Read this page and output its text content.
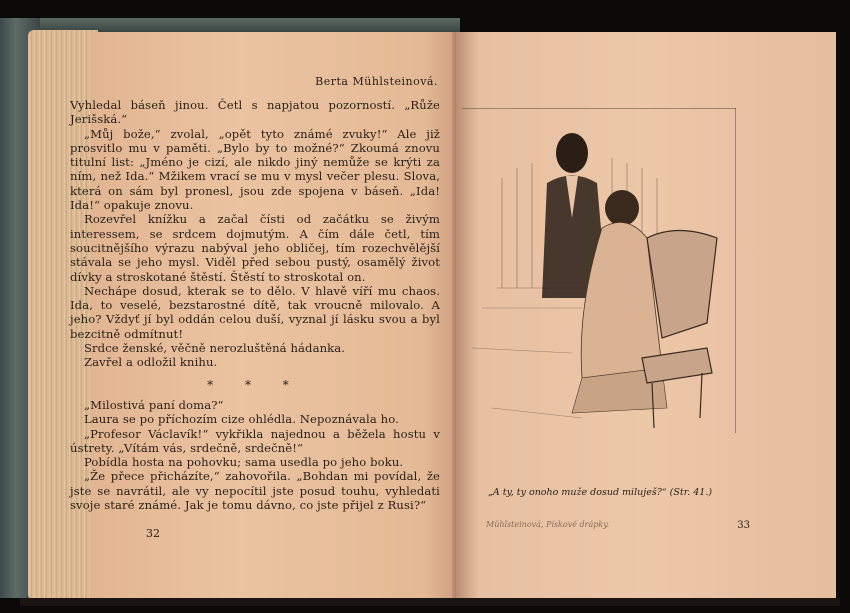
Berta Mühlsteinová.

Vyhledal báseň jinou. Četl s napjatou pozorností. „Růže Jerišská.“

„Můj bože,“ zvolal, „opět tyto známé zvuky!“ Ale již prosvitlo mu v paměti. „Bylo by to možné?“ Zkoumá znovu titulní list: „Jméno je cizí, ale nikdo jiný nemůže se krýti za ním, než Ida.“ Mžikem vrací se mu v mysl večer plesu. Slova, která on sám byl pronesl, jsou zde spojena v báseň. „Ida! Ida!“ opakuje znovu.

Rozevřel knížku a začal čísti od začátku se živým interessem, se srdcem dojmutým. A čím dále četl, tím soucitnějšího výrazu nabýval jeho obličej, tím rozechvělější stávala se jeho mysl. Viděl před sebou pustý, osamělý život dívky a stroskotané štěstí. Štěstí to stroskotal on.

Nechápe dosud, kterak se to dělo. V hlavě víří mu chaos. Ida, to veselé, bezstarostné dítě, tak vroucně milovalo. A jeho? Vždyť jí byl oddán celou duší, vyznal jí lásku svou a byl bezcitně odmítnut!

Srdce ženské, věčně nerozluštěná hádanka.

Zavřel a odložil knihu.

* * *

„Milostivá paní doma?“

Laura se po příchozím cize ohlédla. Nepoznávala ho.

„Profesor Václavík!“ vykřikla najednou a běžela hostu v ústrety. „Vítám vás, srdečně, srdečně!“

Pobídla hosta na pohovku; sama usedla po jeho boku.

„Že přece přicházíte,“ zahovořila. „Bohdan mi povídal, že jste se navrátil, ale vy nepocítil jste posud touhu, vyhledati svoje staré známé. Jak je tomu dávno, co jste přijel z Rusi?“

32
„A ty, ty onoho muže dosud miluješ?“ (Str. 41.)
Mühlsteinová, Pískové drápky.	33
